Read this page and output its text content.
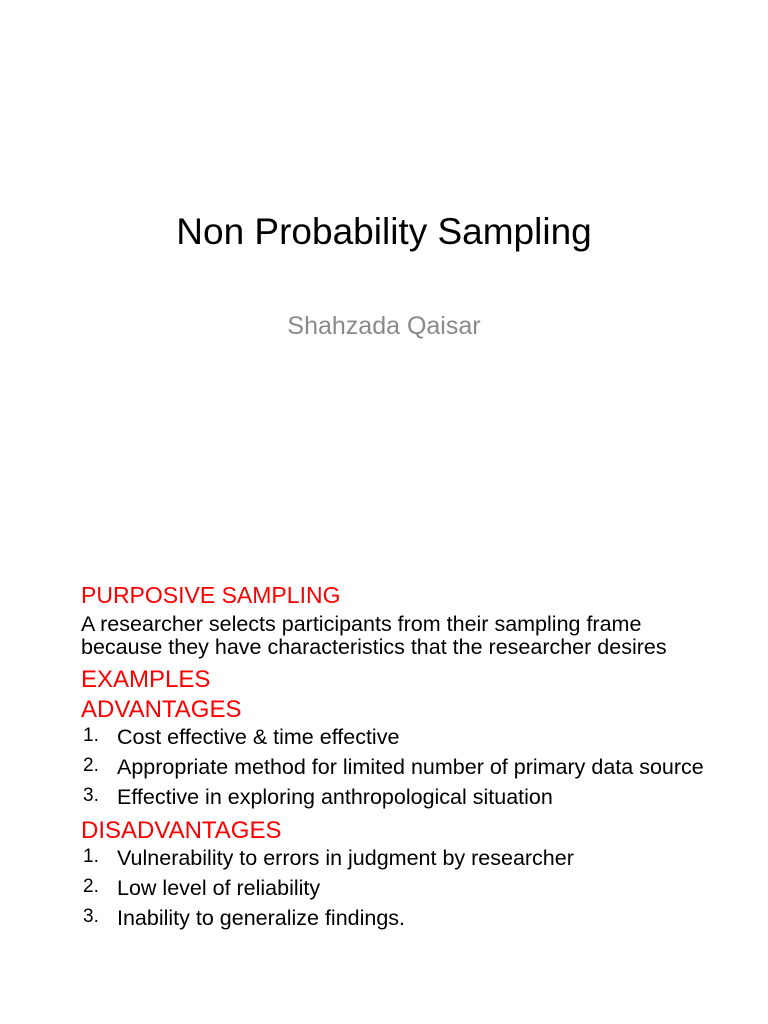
Non Probability Sampling
Shahzada Qaisar
PURPOSIVE SAMPLING
A researcher selects participants from their sampling frame because they have characteristics that the researcher desires
EXAMPLES
ADVANTAGES
1. Cost effective & time effective
2. Appropriate method for limited number of primary data source
3. Effective in exploring anthropological situation
DISADVANTAGES
1. Vulnerability to errors in judgment by researcher
2. Low level of reliability
3. Inability to generalize findings.
